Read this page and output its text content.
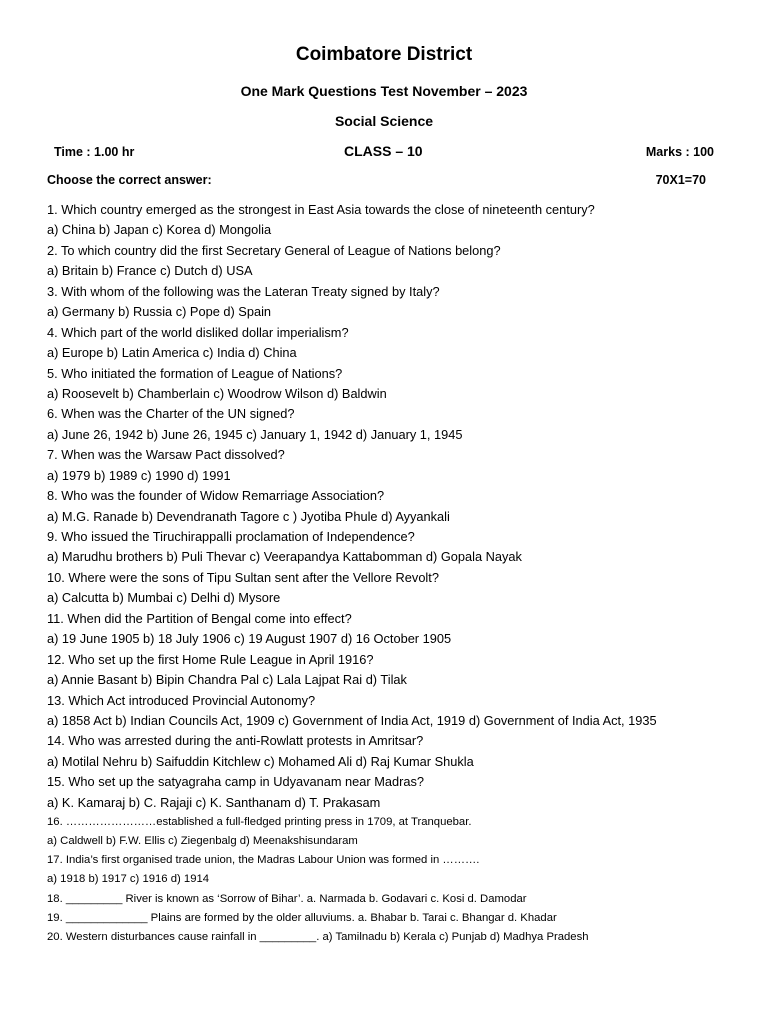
Coimbatore District
One Mark Questions Test November – 2023
Social Science
Time : 1.00 hr	CLASS – 10	Marks : 100
Choose the correct answer:	70X1=70
1. Which country emerged as the strongest in East Asia towards the close of nineteenth century?
a) China b) Japan c) Korea d) Mongolia
2. To which country did the first Secretary General of League of Nations belong?
a) Britain b) France c) Dutch d) USA
3. With whom of the following was the Lateran Treaty signed by Italy?
a) Germany b) Russia c) Pope d) Spain
4. Which part of the world disliked dollar imperialism?
a) Europe b) Latin America c) India d) China
5. Who initiated the formation of League of Nations?
a) Roosevelt b) Chamberlain c) Woodrow Wilson d) Baldwin
6. When was the Charter of the UN signed?
a) June 26, 1942 b) June 26, 1945 c) January 1, 1942 d) January 1, 1945
7. When was the Warsaw Pact dissolved?
a) 1979 b) 1989 c) 1990 d) 1991
8. Who was the founder of Widow Remarriage Association?
a) M.G. Ranade b) Devendranath Tagore c ) Jyotiba Phule d) Ayyankali
9. Who issued the Tiruchirappalli proclamation of Independence?
a) Marudhu brothers b) Puli Thevar c) Veerapandya Kattabomman d) Gopala Nayak
10. Where were the sons of Tipu Sultan sent after the Vellore Revolt?
a) Calcutta b) Mumbai c) Delhi d) Mysore
11. When did the Partition of Bengal come into effect?
a) 19 June 1905 b) 18 July 1906 c) 19 August 1907 d) 16 October 1905
12. Who set up the first Home Rule League in April 1916?
a) Annie Basant b) Bipin Chandra Pal c) Lala Lajpat Rai d) Tilak
13. Which Act introduced Provincial Autonomy?
a) 1858 Act b) Indian Councils Act, 1909 c) Government of India Act, 1919 d) Government of India Act, 1935
14. Who was arrested during the anti-Rowlatt protests in Amritsar?
a) Motilal Nehru b) Saifuddin Kitchlew c) Mohamed Ali d) Raj Kumar Shukla
15. Who set up the satyagraha camp in Udyavanam near Madras?
a) K. Kamaraj b) C. Rajaji c) K. Santhanam d) T. Prakasam
16. ……………………established a full-fledged printing press in 1709, at Tranquebar.
a) Caldwell b) F.W. Ellis c) Ziegenbalg d) Meenakshisundaram
17. India’s first organised trade union, the Madras Labour Union was formed in ……….
a) 1918 b) 1917 c) 1916 d) 1914
18. _________ River is known as ‘Sorrow of Bihar’. a. Narmada b. Godavari c. Kosi d. Damodar
19. _____________ Plains are formed by the older alluviums. a. Bhabar b. Tarai c. Bhangar d. Khadar
20. Western disturbances cause rainfall in _________. a) Tamilnadu b) Kerala c) Punjab d) Madhya Pradesh
